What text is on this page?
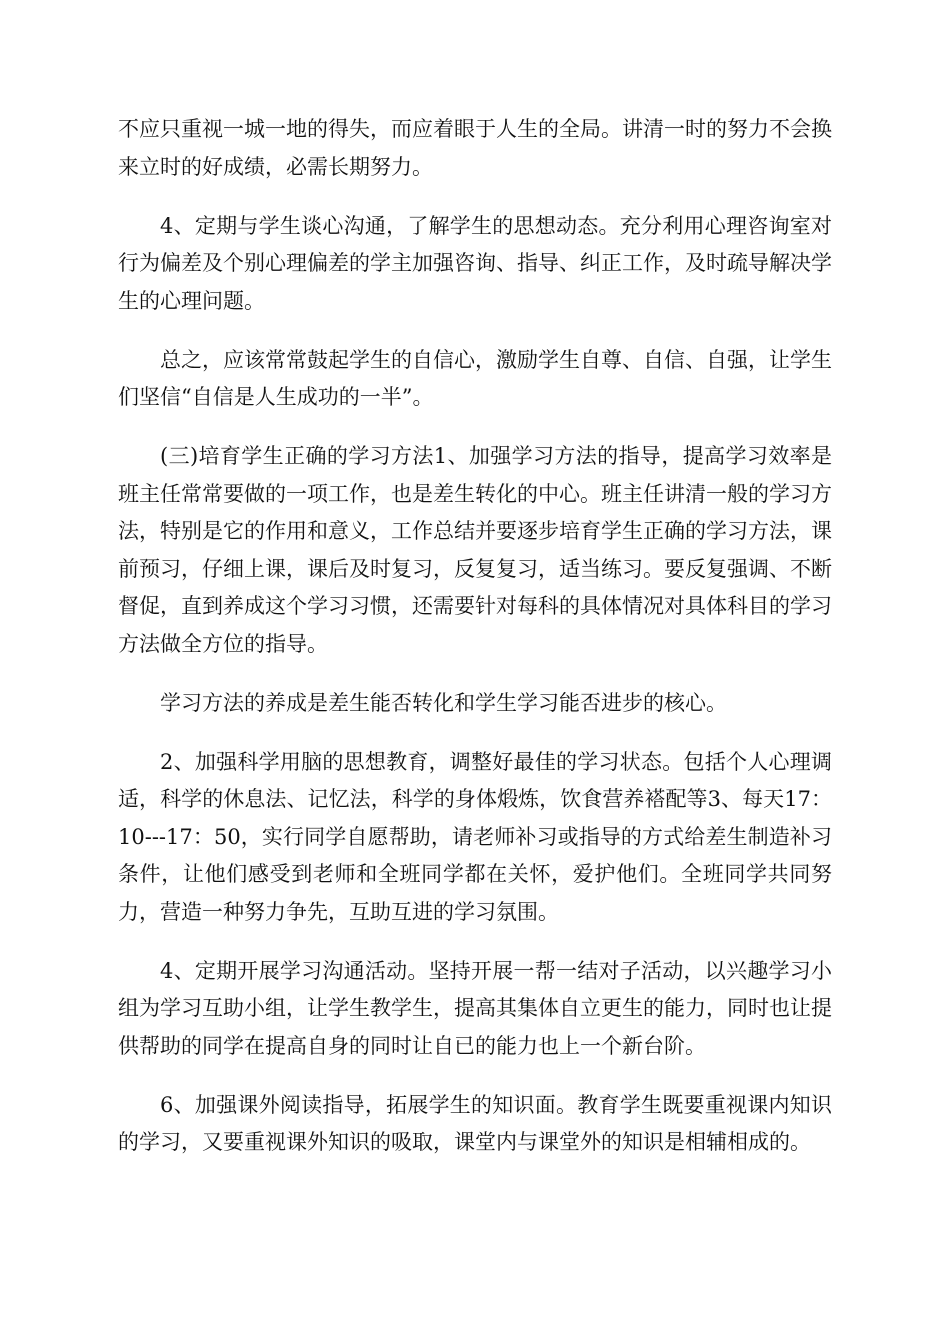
不应只重视一城一地的得失，而应着眼于人生的全局。讲清一时的努力不会换来立时的好成绩，必需长期努力。

4、定期与学生谈心沟通，了解学生的思想动态。充分利用心理咨询室对行为偏差及个别心理偏差的学主加强咨询、指导、纠正工作，及时疏导解决学生的心理问题。

总之，应该常常鼓起学生的自信心，激励学生自尊、自信、自强，让学生们坚信“自信是人生成功的一半”。

(三)培育学生正确的学习方法1、加强学习方法的指导，提高学习效率是班主任常常要做的一项工作，也是差生转化的中心。班主任讲清一般的学习方法，特别是它的作用和意义，工作总结并要逐步培育学生正确的学习方法，课前预习，仔细上课，课后及时复习，反复复习，适当练习。要反复强调、不断督促，直到养成这个学习习惯，还需要针对每科的具体情况对具体科目的学习方法做全方位的指导。

学习方法的养成是差生能否转化和学生学习能否进步的核心。

2、加强科学用脑的思想教育，调整好最佳的学习状态。包括个人心理调适，科学的休息法、记忆法，科学的身体煅炼，饮食营养褡配等3、每天17：10---17：50，实行同学自愿帮助，请老师补习或指导的方式给差生制造补习条件，让他们感受到老师和全班同学都在关怀，爱护他们。全班同学共同努力，营造一种努力争先，互助互进的学习氛围。

4、定期开展学习沟通活动。坚持开展一帮一结对子活动，以兴趣学习小组为学习互助小组，让学生教学生，提高其集体自立更生的能力，同时也让提供帮助的同学在提高自身的同时让自已的能力也上一个新台阶。

6、加强课外阅读指导，拓展学生的知识面。教育学生既要重视课内知识的学习，又要重视课外知识的吸取，课堂内与课堂外的知识是相辅相成的。
